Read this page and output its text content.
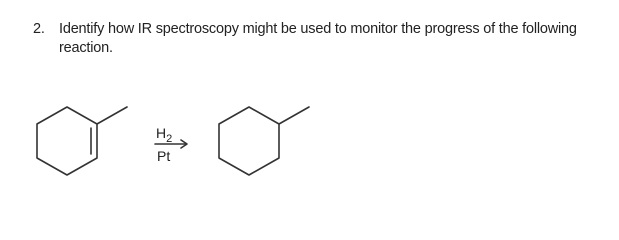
2. Identify how IR spectroscopy might be used to monitor the progress of the following reaction.
$H_2$
Pt
